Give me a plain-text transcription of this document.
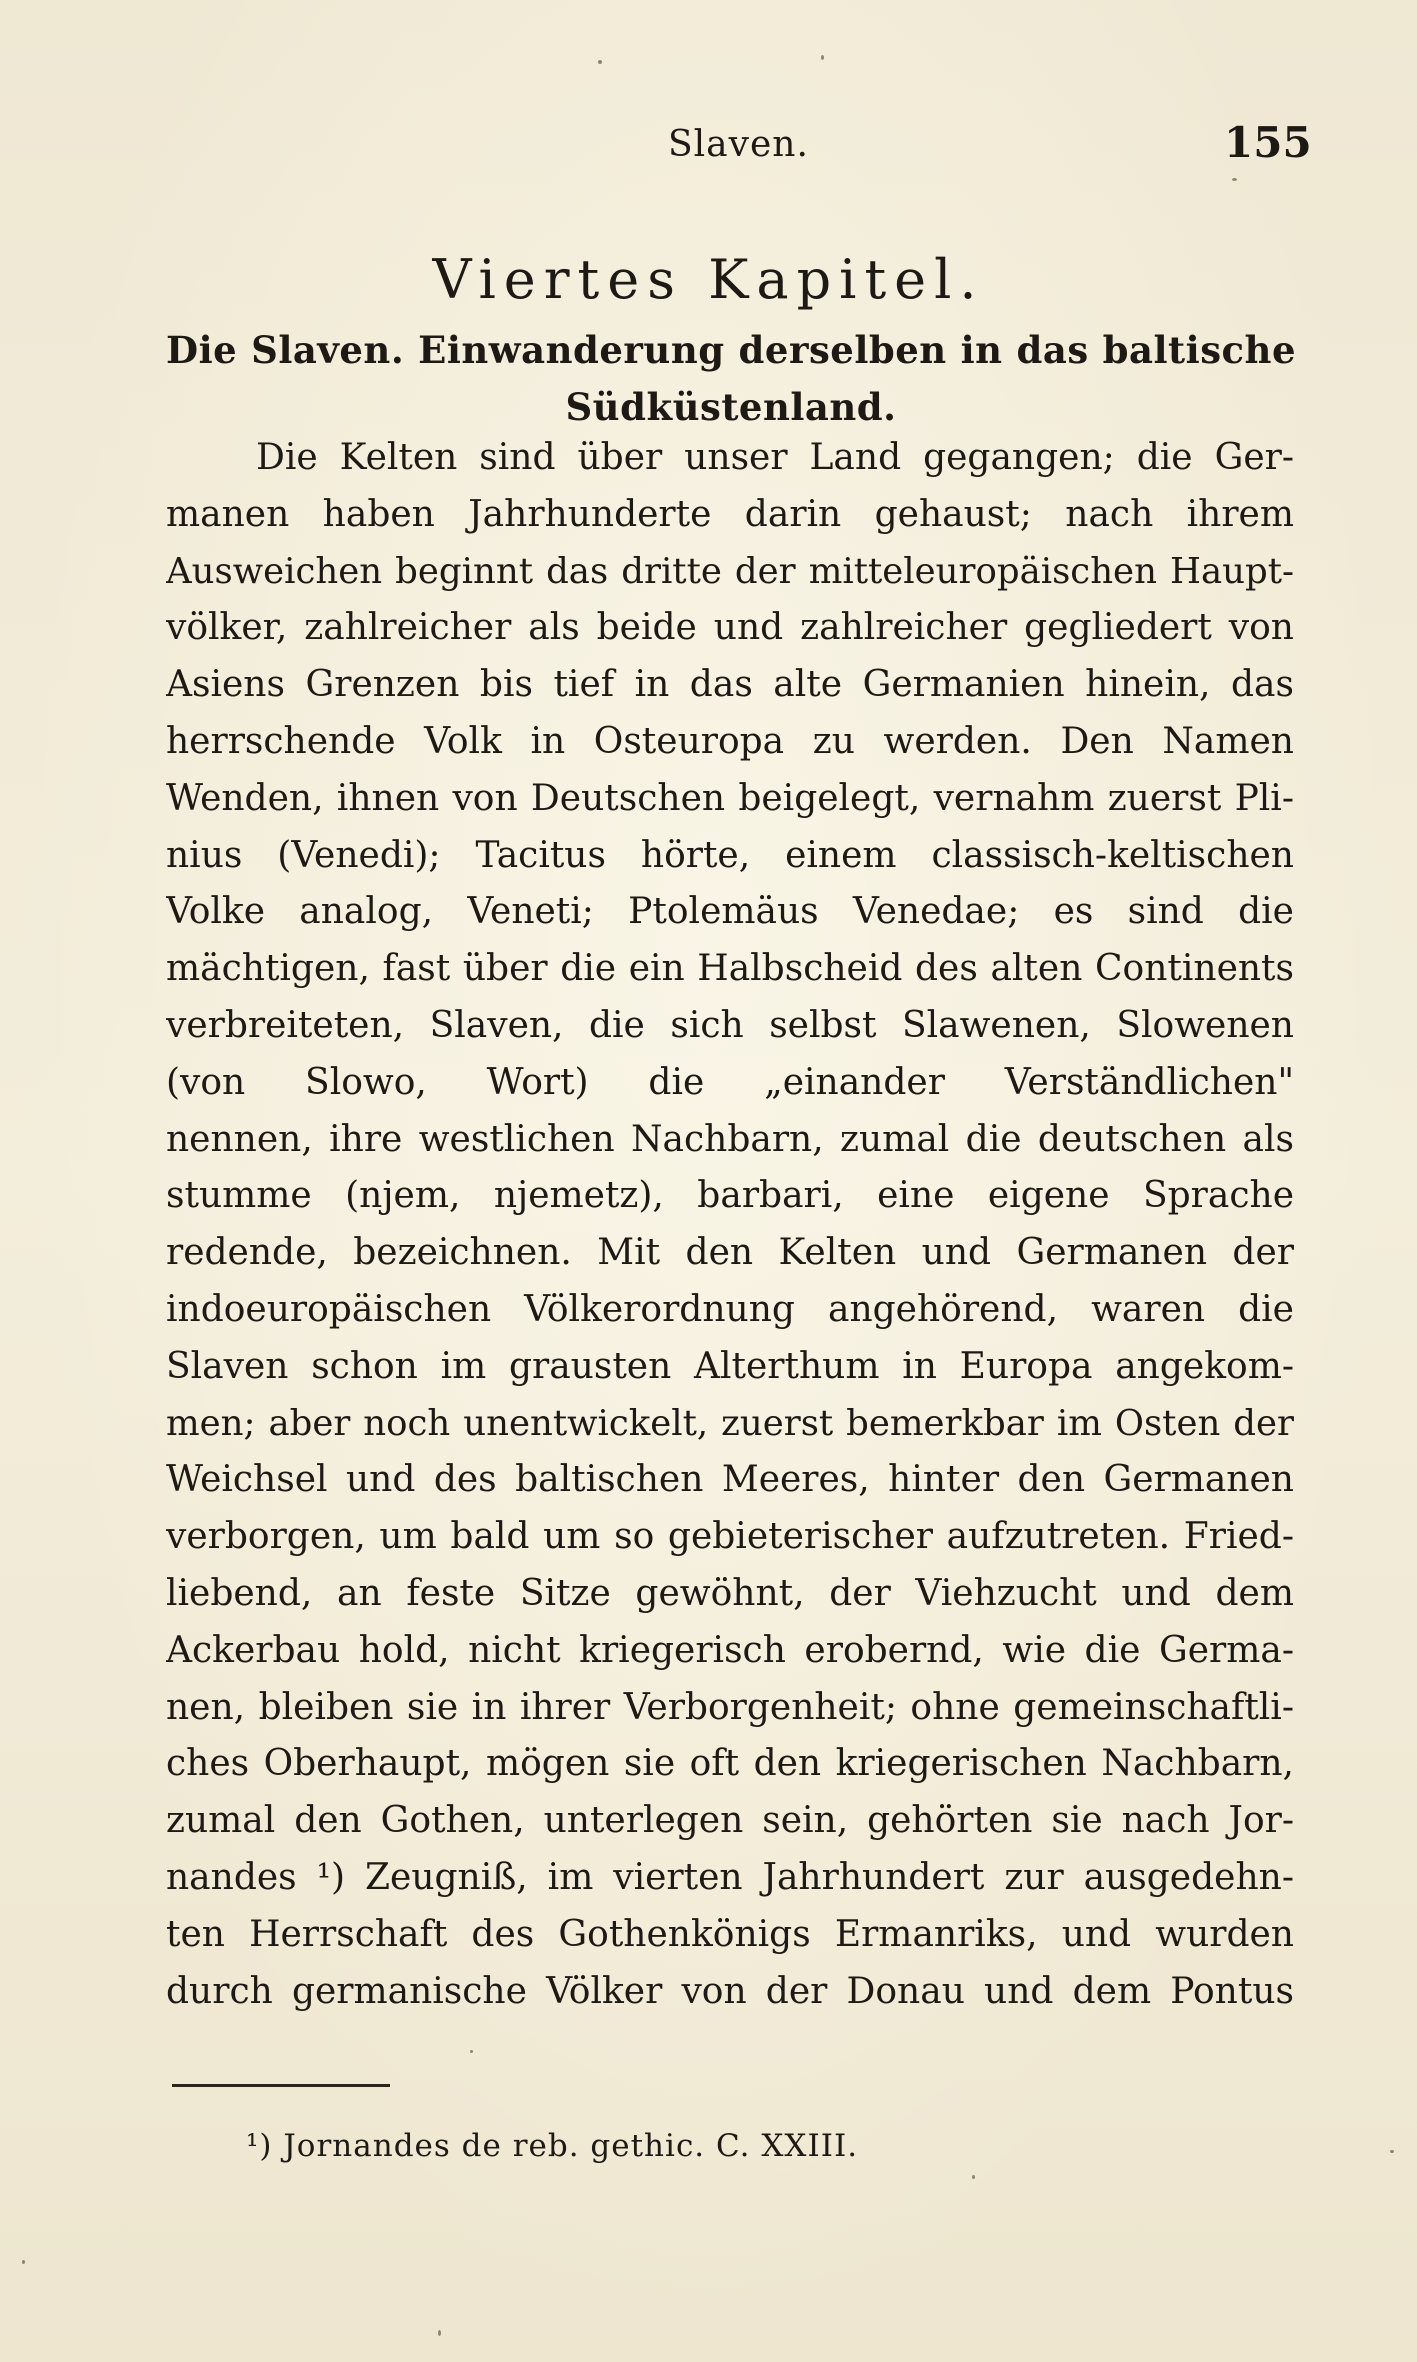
Slaven.	155
Viertes Kapitel.
Die Slaven. Einwanderung derselben in das baltische
Südküstenland.
Die Kelten sind über unser Land gegangen; die Ger-
manen haben Jahrhunderte darin gehaust; nach ihrem
Ausweichen beginnt das dritte der mitteleuropäischen Haupt-
völker, zahlreicher als beide und zahlreicher gegliedert von
Asiens Grenzen bis tief in das alte Germanien hinein, das
herrschende Volk in Osteuropa zu werden. Den Namen
Wenden, ihnen von Deutschen beigelegt, vernahm zuerst Pli-
nius (Venedi); Tacitus hörte, einem classisch-keltischen
Volke analog, Veneti; Ptolemäus Venedae; es sind die
mächtigen, fast über die ein Halbscheid des alten Continents
verbreiteten, Slaven, die sich selbst Slawenen, Slowenen
(von Slowo, Wort) die „einander Verständlichen"
nennen, ihre westlichen Nachbarn, zumal die deutschen als
stumme (njem, njemetz), barbari, eine eigene Sprache
redende, bezeichnen. Mit den Kelten und Germanen der
indoeuropäischen Völkerordnung angehörend, waren die
Slaven schon im grausten Alterthum in Europa angekom-
men; aber noch unentwickelt, zuerst bemerkbar im Osten der
Weichsel und des baltischen Meeres, hinter den Germanen
verborgen, um bald um so gebieterischer aufzutreten. Fried-
liebend, an feste Sitze gewöhnt, der Viehzucht und dem
Ackerbau hold, nicht kriegerisch erobernd, wie die Germa-
nen, bleiben sie in ihrer Verborgenheit; ohne gemeinschaftli-
ches Oberhaupt, mögen sie oft den kriegerischen Nachbarn,
zumal den Gothen, unterlegen sein, gehörten sie nach Jor-
nandes ¹) Zeugniß, im vierten Jahrhundert zur ausgedehn-
ten Herrschaft des Gothenkönigs Ermanriks, und wurden
durch germanische Völker von der Donau und dem Pontus
¹) Jornandes de reb. gethic. C. XXIII.
